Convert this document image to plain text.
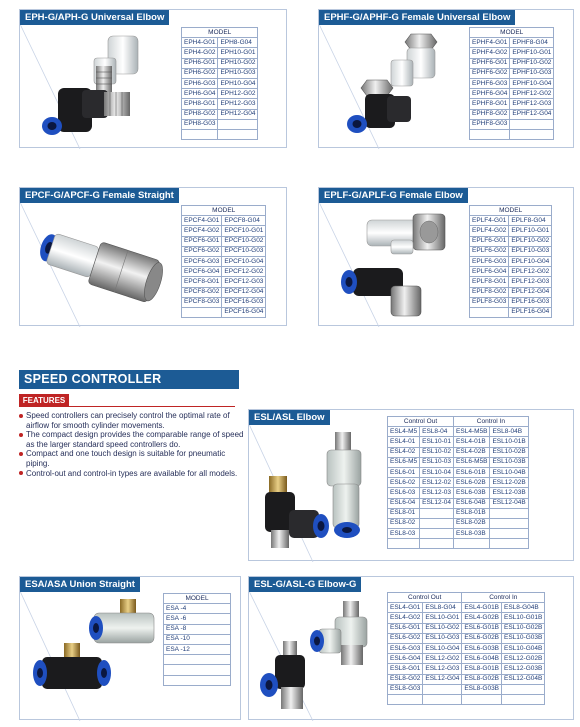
EPH-G/APH-G Universal Elbow
MODEL	
EPH4-G01	EPH8-G04
EPH4-G02	EPH10-G01
EPH6-G01	EPH10-G02
EPH6-G02	EPH10-G03
EPH6-G03	EPH10-G04
EPH6-G04	EPH12-G02
EPH8-G01	EPH12-G03
EPH8-G02	EPH12-G04
EPH8-G03	

EPHF-G/APHF-G Female Universal Elbow
MODEL	
EPHF4-G01	EPHF8-G04
EPHF4-G02	EPHF10-G01
EPHF6-G01	EPHF10-G02
EPHF6-G02	EPHF10-G03
EPHF6-G03	EPHF10-G04
EPHF6-G04	EPHF12-G02
EPHF8-G01	EPHF12-G03
EPHF8-G02	EPHF12-G04
EPHF8-G03	

EPCF-G/APCF-G Female Straight
MODEL	
EPCF4-G01	EPCF8-G04
EPCF4-G02	EPCF10-G01
EPCF6-G01	EPCF10-G02
EPCF6-G02	EPCF10-G03
EPCF6-G03	EPCF10-G04
EPCF6-G04	EPCF12-G02
EPCF8-G01	EPCF12-G03
EPCF8-G02	EPCF12-G04
EPCF8-G03	EPCF16-G03
	EPCF16-G04
EPLF-G/APLF-G Female Elbow
MODEL	
EPLF4-G01	EPLF8-G04
EPLF4-G02	EPLF10-G01
EPLF6-G01	EPLF10-G02
EPLF6-G02	EPLF10-G03
EPLF6-G03	EPLF10-G04
EPLF6-G04	EPLF12-G02
EPLF8-G01	EPLF12-G03
EPLF8-G02	EPLF12-G04
EPLF8-G03	EPLF16-G03
	EPLF16-G04
SPEED CONTROLLER
FEATURES
Speed controllers can precisely control the optimal rate of airflow for smooth cylinder movements.
The compact design provides the comparable range of speed as the larger standard speed controllers do.
Compact and one touch design is suitable for pneumatic piping.
Control-out and control-in types are available for all models.
ESL/ASL Elbow	Control Out		Control In	
ESL4-M5	ESL8-04	ESL4-M5B	ESL8-04B
ESL4-01	ESL10-01	ESL4-01B	ESL10-01B
ESL4-02	ESL10-02	ESL4-02B	ESL10-02B
ESL6-M5	ESL10-03	ESL6-M5B	ESL10-03B
ESL6-01	ESL10-04	ESL6-01B	ESL10-04B
ESL6-02	ESL12-02	ESL6-02B	ESL12-02B
ESL6-03	ESL12-03	ESL6-03B	ESL12-03B
ESL6-04	ESL12-04	ESL6-04B	ESL12-04B
ESL8-01		ESL8-01B	
ESL8-02		ESL8-02B	
ESL8-03		ESL8-03B	

ESA/ASA Union Straight
MODEL
ESA -4
ESA -6
ESA -8
ESA -10
ESA -12

ESL-G/ASL-G Elbow-G
Control Out		Control In	
ESL4-G01	ESL8-G04	ESL4-G01B	ESL8-G04B
ESL4-G02	ESL10-G01	ESL4-G02B	ESL10-G01B
ESL6-G01	ESL10-G02	ESL6-G01B	ESL10-G02B
ESL6-G02	ESL10-G03	ESL6-G02B	ESL10-G03B
ESL6-G03	ESL10-G04	ESL6-G03B	ESL10-G04B
ESL6-G04	ESL12-G02	ESL6-G04B	ESL12-G02B
ESL8-G01	ESL12-G03	ESL8-G01B	ESL12-G03B
ESL8-G02	ESL12-G04	ESL8-G02B	ESL12-G04B
ESL8-G03		ESL8-G03B	
